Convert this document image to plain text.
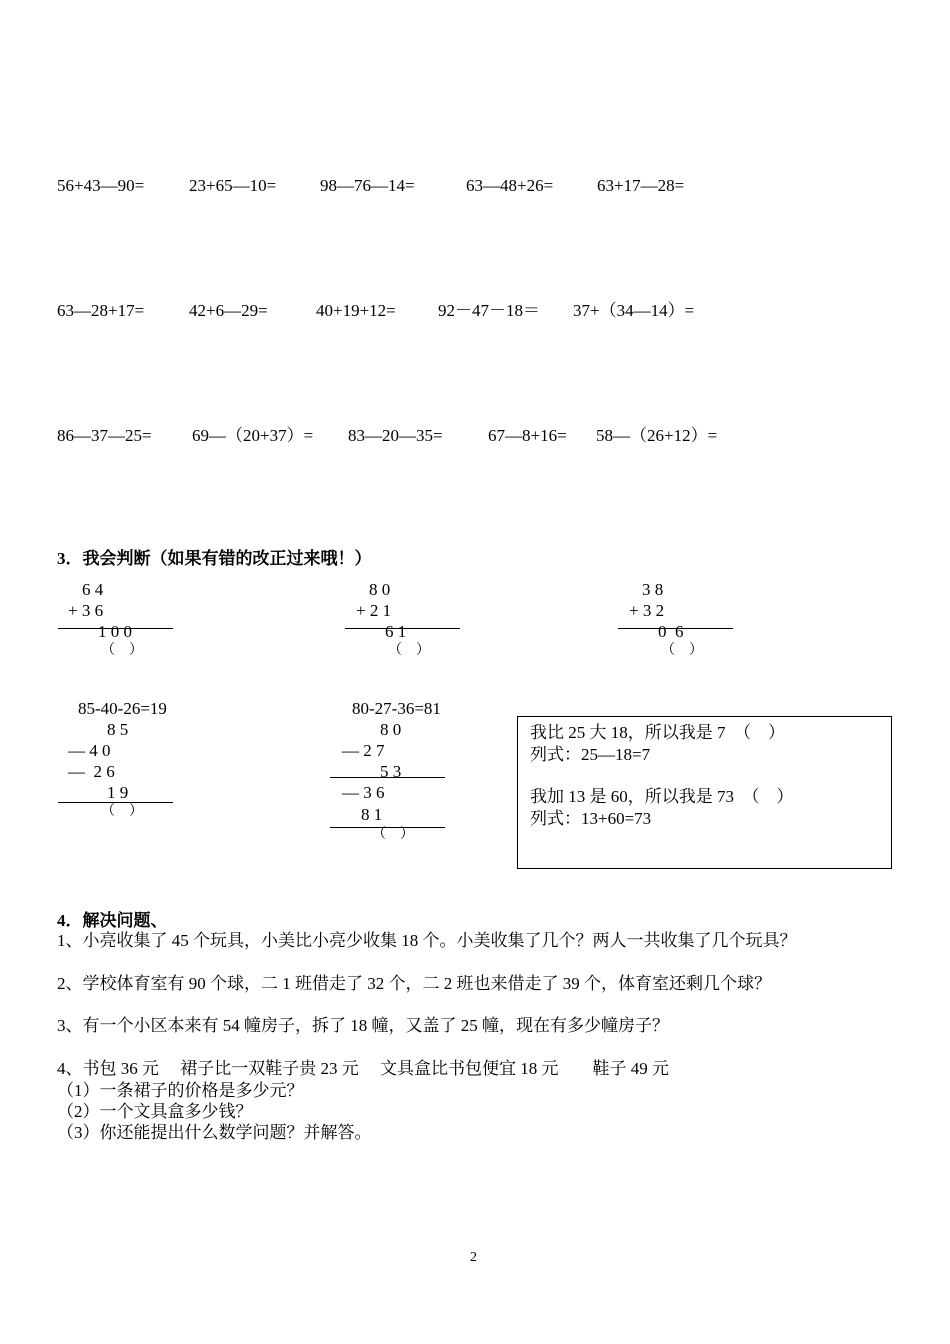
56+43—90=	23+65—10=	98—76—14=	63—48+26=	63+17—28=
63—28+17=	42+6—29=	40+19+12= 92－47－18＝ 37+（34—14）=
86—37—25= 69—（20+37）= 83—20—35=	67—8+16= 58—（26+12）=
3．我会判断（如果有错的改正过来哦！）
6 4
+ 3 6
1 0 0
（　）
8 0
+ 2 1
6 1
（　）
3 8
+ 3 2
0  6
（　）
85-40-26=19
8 5
— 4 0
—  2 6
1 9
（　）
80-27-36=81
8 0
— 2 7
5 3
— 3 6
8 1
（　）
我比 25 大 18，所以我是 7　（　）
列式：25—18=7
我加 13 是 60，所以我是 73　（　）
列式：13+60=73
4．解决问题、
1、小亮收集了 45 个玩具，小美比小亮少收集 18 个。小美收集了几个？两人一共收集了几个玩具？
2、学校体育室有 90 个球，二 1 班借走了 32 个，二 2 班也来借走了 39 个，体育室还剩几个球？
3、有一个小区本来有 54 幢房子，拆了 18 幢，又盖了 25 幢，现在有多少幢房子？
4、书包 36 元　 裙子比一双鞋子贵 23 元　 文具盒比书包便宜 18 元　　鞋子 49 元
（1）一条裙子的价格是多少元？
（2）一个文具盒多少钱？
（3）你还能提出什么数学问题？并解答。
2
